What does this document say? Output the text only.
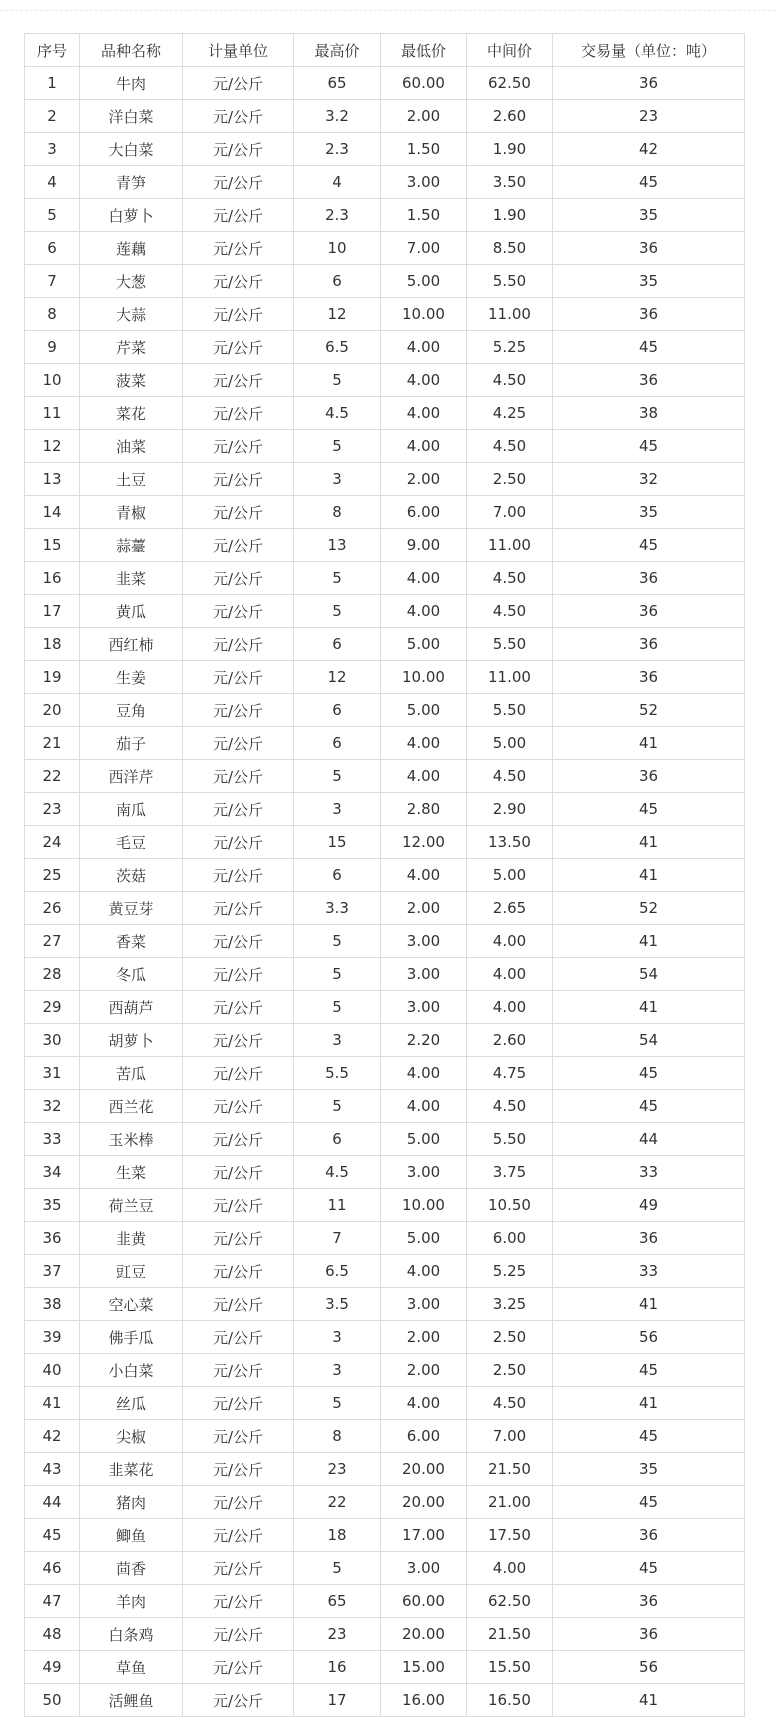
序号	品种名称	计量单位	最高价	最低价	中间价	交易量（单位：吨）
1	牛肉	元/公斤	65	60.00	62.50	36
2	洋白菜	元/公斤	3.2	2.00	2.60	23
3	大白菜	元/公斤	2.3	1.50	1.90	42
4	青笋	元/公斤	4	3.00	3.50	45
5	白萝卜	元/公斤	2.3	1.50	1.90	35
6	莲藕	元/公斤	10	7.00	8.50	36
7	大葱	元/公斤	6	5.00	5.50	35
8	大蒜	元/公斤	12	10.00	11.00	36
9	芹菜	元/公斤	6.5	4.00	5.25	45
10	菠菜	元/公斤	5	4.00	4.50	36
11	菜花	元/公斤	4.5	4.00	4.25	38
12	油菜	元/公斤	5	4.00	4.50	45
13	土豆	元/公斤	3	2.00	2.50	32
14	青椒	元/公斤	8	6.00	7.00	35
15	蒜薹	元/公斤	13	9.00	11.00	45
16	韭菜	元/公斤	5	4.00	4.50	36
17	黄瓜	元/公斤	5	4.00	4.50	36
18	西红柿	元/公斤	6	5.00	5.50	36
19	生姜	元/公斤	12	10.00	11.00	36
20	豆角	元/公斤	6	5.00	5.50	52
21	茄子	元/公斤	6	4.00	5.00	41
22	西洋芹	元/公斤	5	4.00	4.50	36
23	南瓜	元/公斤	3	2.80	2.90	45
24	毛豆	元/公斤	15	12.00	13.50	41
25	茨菇	元/公斤	6	4.00	5.00	41
26	黄豆芽	元/公斤	3.3	2.00	2.65	52
27	香菜	元/公斤	5	3.00	4.00	41
28	冬瓜	元/公斤	5	3.00	4.00	54
29	西葫芦	元/公斤	5	3.00	4.00	41
30	胡萝卜	元/公斤	3	2.20	2.60	54
31	苦瓜	元/公斤	5.5	4.00	4.75	45
32	西兰花	元/公斤	5	4.00	4.50	45
33	玉米棒	元/公斤	6	5.00	5.50	44
34	生菜	元/公斤	4.5	3.00	3.75	33
35	荷兰豆	元/公斤	11	10.00	10.50	49
36	韭黄	元/公斤	7	5.00	6.00	36
37	豇豆	元/公斤	6.5	4.00	5.25	33
38	空心菜	元/公斤	3.5	3.00	3.25	41
39	佛手瓜	元/公斤	3	2.00	2.50	56
40	小白菜	元/公斤	3	2.00	2.50	45
41	丝瓜	元/公斤	5	4.00	4.50	41
42	尖椒	元/公斤	8	6.00	7.00	45
43	韭菜花	元/公斤	23	20.00	21.50	35
44	猪肉	元/公斤	22	20.00	21.00	45
45	鲫鱼	元/公斤	18	17.00	17.50	36
46	茴香	元/公斤	5	3.00	4.00	45
47	羊肉	元/公斤	65	60.00	62.50	36
48	白条鸡	元/公斤	23	20.00	21.50	36
49	草鱼	元/公斤	16	15.00	15.50	56
50	活鲤鱼	元/公斤	17	16.00	16.50	41
